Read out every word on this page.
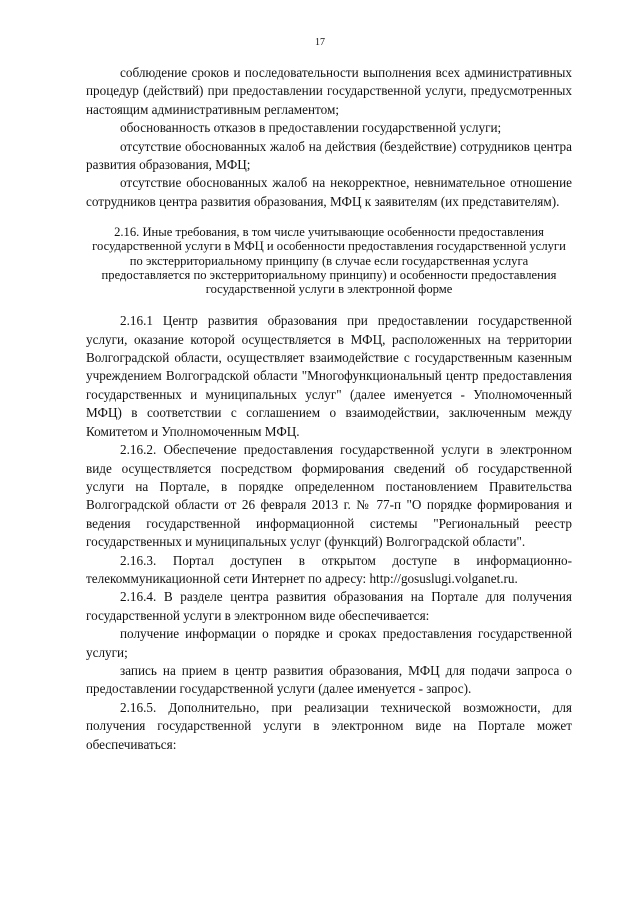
17

соблюдение сроков и последовательности выполнения всех административных процедур (действий) при предоставлении государственной услуги, предусмотренных настоящим административным регламентом;

обоснованность отказов в предоставлении государственной услуги;

отсутствие обоснованных жалоб на действия (бездействие) сотрудников центра развития образования, МФЦ;

отсутствие обоснованных жалоб на некорректное, невнимательное отношение сотрудников центра развития образования, МФЦ к заявителям (их представителям).

2.16. Иные требования, в том числе учитывающие особенности предоставления государственной услуги в МФЦ и особенности предоставления государственной услуги по экстерриториальному принципу (в случае если государственная услуга предоставляется по экстерриториальному принципу) и особенности предоставления государственной услуги в электронной форме

2.16.1 Центр развития образования при предоставлении государственной услуги, оказание которой осуществляется в МФЦ, расположенных на территории Волгоградской области, осуществляет взаимодействие с государственным казенным учреждением Волгоградской области "Многофункциональный центр предоставления государственных и муниципальных услуг" (далее именуется - Уполномоченный МФЦ) в соответствии с соглашением о взаимодействии, заключенным между Комитетом и Уполномоченным МФЦ.

2.16.2. Обеспечение предоставления государственной услуги в электронном виде осуществляется посредством формирования сведений об государственной услуги на Портале, в порядке определенном постановлением Правительства Волгоградской области от 26 февраля 2013 г. № 77-п "О порядке формирования и ведения государственной информационной системы "Региональный реестр государственных и муниципальных услуг (функций) Волгоградской области".

2.16.3. Портал доступен в открытом доступе в информационно-телекоммуникационной сети Интернет по адресу: http://gosuslugi.volganet.ru.

2.16.4. В разделе центра развития образования на Портале для получения государственной услуги в электронном виде обеспечивается:

получение информации о порядке и сроках предоставления государственной услуги;

запись на прием в центр развития образования, МФЦ для подачи запроса о предоставлении государственной услуги (далее именуется - запрос).

2.16.5. Дополнительно, при реализации технической возможности, для получения государственной услуги в электронном виде на Портале может обеспечиваться:
